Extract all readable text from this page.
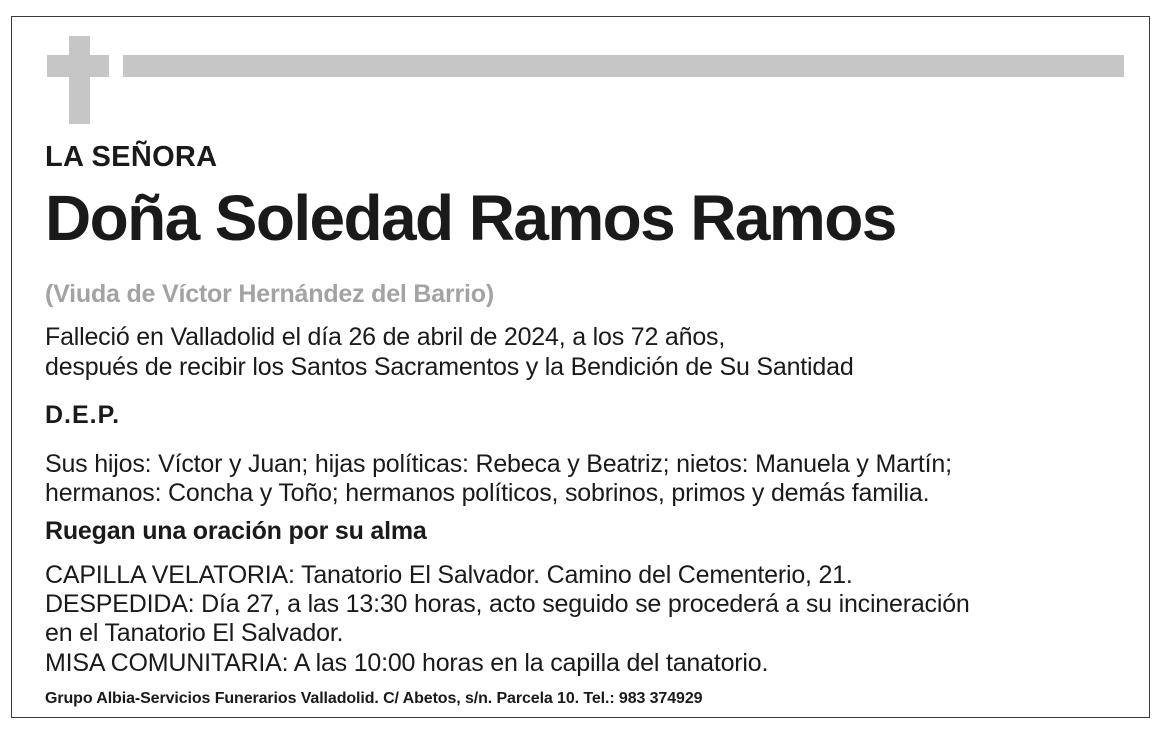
LA SEÑORA
Doña Soledad Ramos Ramos
(Viuda de Víctor Hernández del Barrio)
Falleció en Valladolid el día 26 de abril de 2024, a los 72 años,
después de recibir los Santos Sacramentos y la Bendición de Su Santidad
D.E.P.
Sus hijos: Víctor y Juan; hijas políticas: Rebeca y Beatriz; nietos: Manuela y Martín;
hermanos: Concha y Toño; hermanos políticos, sobrinos, primos y demás familia.
Ruegan una oración por su alma
CAPILLA VELATORIA: Tanatorio El Salvador. Camino del Cementerio, 21.
DESPEDIDA: Día 27, a las 13:30 horas, acto seguido se procederá a su incineración
en el Tanatorio El Salvador.
MISA COMUNITARIA: A las 10:00 horas en la capilla del tanatorio.
Grupo Albia-Servicios Funerarios Valladolid. C/ Abetos, s/n. Parcela 10. Tel.: 983 374929
